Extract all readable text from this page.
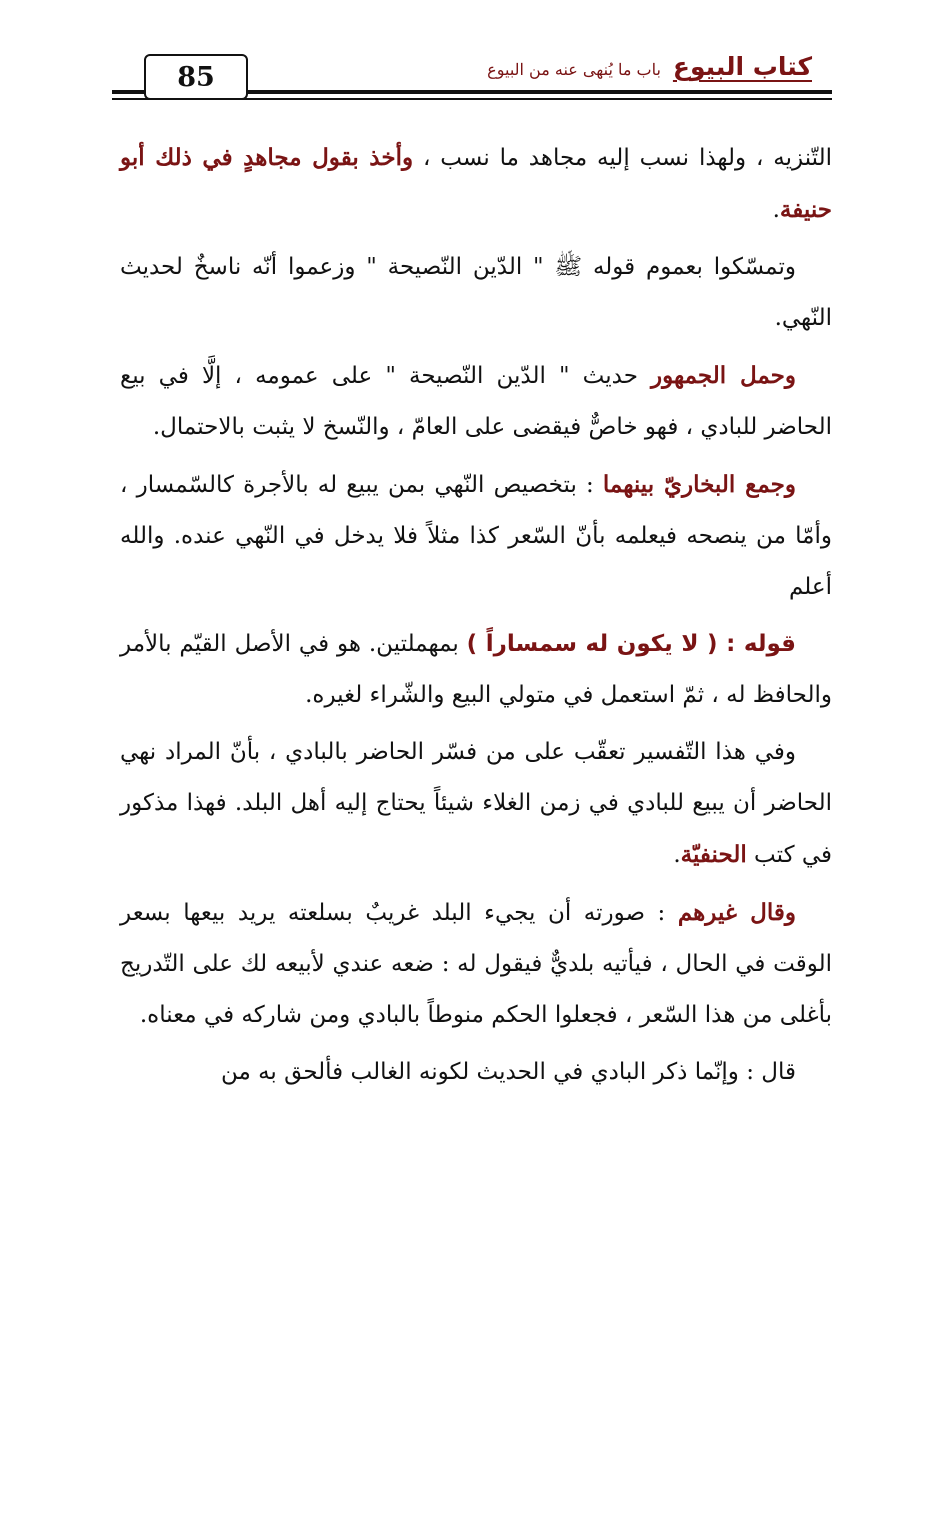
85	كتاب البيوع
باب ما يُنهى عنه من البيوع

التّنزيه ، ولهذا نسب إليه مجاهد ما نسب ، وأخذ بقول مجاهدٍ في ذلك أبو حنيفة.

وتمسّكوا بعموم قوله ﷺ " الدّين النّصيحة " وزعموا أنّه ناسخٌ لحديث النّهي.

وحمل الجمهور حديث " الدّين النّصيحة " على عمومه ، إلَّا في بيع الحاضر للبادي ، فهو خاصٌّ فيقضى على العامّ ، والنّسخ لا يثبت بالاحتمال.

وجمع البخاريّ بينهما : بتخصيص النّهي بمن يبيع له بالأجرة كالسّمسار ، وأمّا من ينصحه فيعلمه بأنّ السّعر كذا مثلاً فلا يدخل في النّهي عنده. والله أعلم

قوله : ( لا يكون له سمساراً ) بمهملتين. هو في الأصل القيّم بالأمر والحافظ له ، ثمّ استعمل في متولي البيع والشّراء لغيره.

وفي هذا التّفسير تعقّب على من فسّر الحاضر بالبادي ، بأنّ المراد نهي الحاضر أن يبيع للبادي في زمن الغلاء شيئاً يحتاج إليه أهل البلد. فهذا مذكور في كتب الحنفيّة.

وقال غيرهم : صورته أن يجيء البلد غريبٌ بسلعته يريد بيعها بسعر الوقت في الحال ، فيأتيه بلديٌّ فيقول له : ضعه عندي لأبيعه لك على التّدريج بأغلى من هذا السّعر ، فجعلوا الحكم منوطاً بالبادي ومن شاركه في معناه.

قال : وإنّما ذكر البادي في الحديث لكونه الغالب فألحق به من
